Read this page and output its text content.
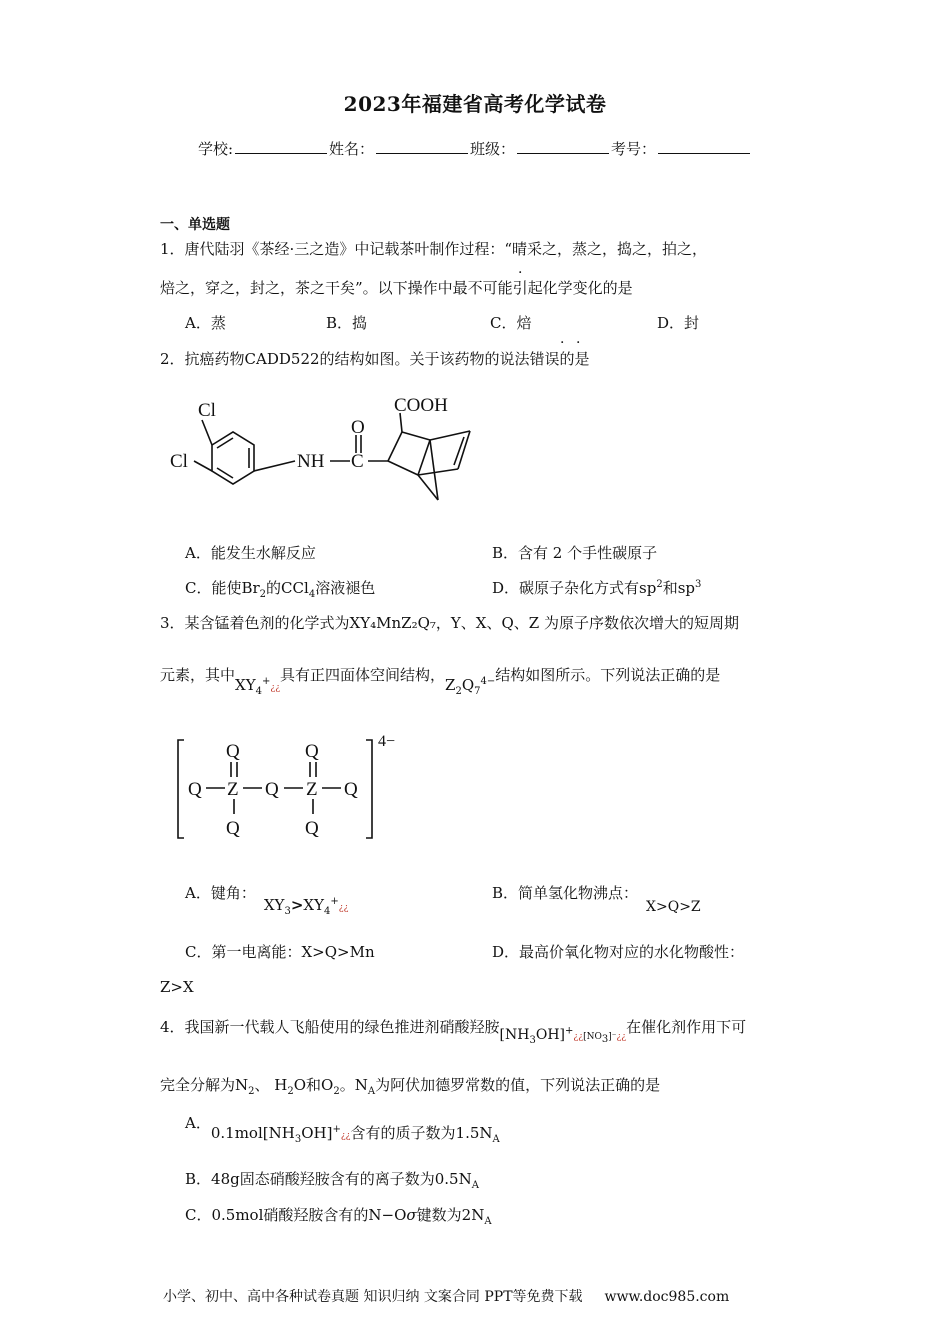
2023年福建省高考化学试卷
学校:	姓名：	班级：	考号：
一、单选题
1．唐代陆羽《茶经·三之造》中记载茶叶制作过程：“晴采之，蒸之，捣之，拍之，
焙之，穿之，封之，茶之干矣”。以下操作中最不可能引起化学变化的是
·
A．蒸	B．捣	C．焙	D．封
2．抗癌药物CADD522的结构如图。关于该药物的说法错误的是
· ·
Cl
Cl	NH C
O
COOH
A．能发生水解反应	B．含有 2 个手性碳原子
C．能使$Br_2$的CCl$_4$溶液褪色	D．碳原子杂化方式有$sp^2$和$sp^3$
3．某含锰着色剂的化学式为XY₄MnZ₂Q₇，Y、X、Q、Z 为原子序数依次增大的短周期
元素，其中$XY_4^+¿¿$具有正四面体空间结构，$Z_2Q_7^{4-}$结构如图所示。下列说法正确的是
Q	Q
Q Z Q Z Q
Q	Q
4−
A．键角：$XY_3>XY_4^+¿¿$
B．简单氢化物沸点：X>Q>Z
C．第一电离能：X>Q>Mn	D．最高价氧化物对应的水化物酸性：
Z>X
4．我国新一代载人飞船使用的绿色推进剂硝酸羟胺$[NH_3OH]^+¿¿[NO_3]^-¿¿$在催化剂作用下可
完全分解为$N_2$、 $H_2O$和$O_2$。$N_A$为阿伏加德罗常数的值，下列说法正确的是
A．$0.1mol[NH_3OH]^+¿¿$含有的质子数为$1.5N_A$
B．48g固态硝酸羟胺含有的离子数为$0.5N_A$
C．0.5mol硝酸羟胺含有的N−Oσ键数为$2N_A$
小学、初中、高中各种试卷真题 知识归纳 文案合同 PPT等免费下载 www.doc985.com
